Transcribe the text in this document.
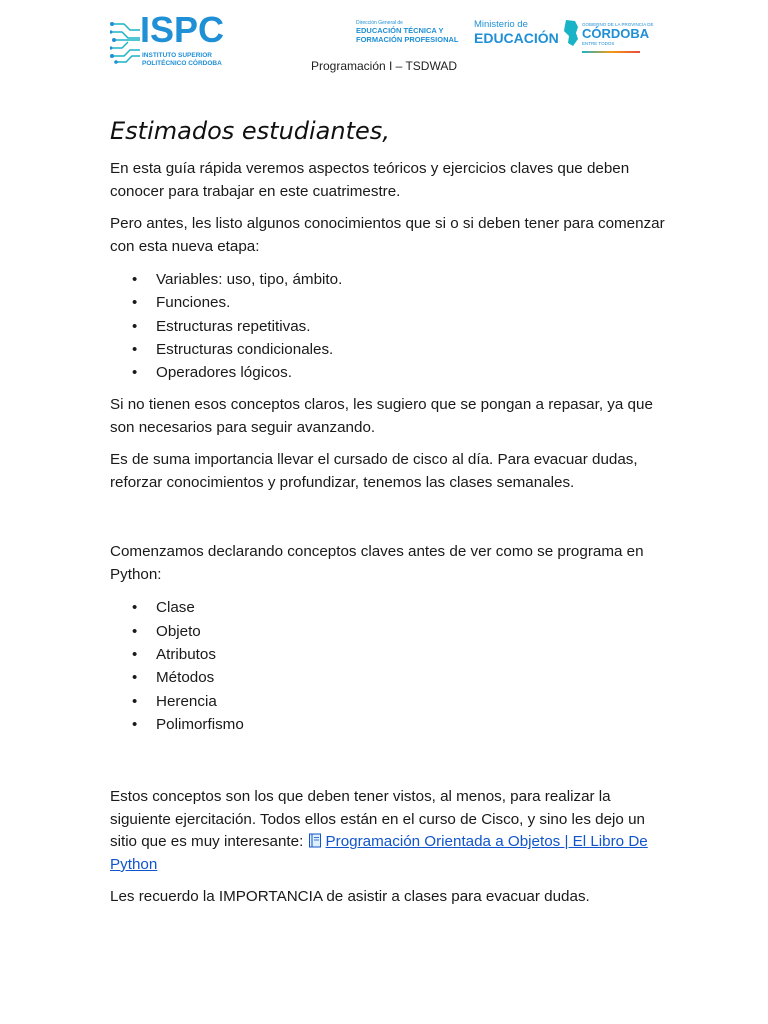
ISPC
INSTITUTO SUPERIOR
POLITÉCNICO CÓRDOBA
Dirección General de
EDUCACIÓN TÉCNICA Y
FORMACIÓN PROFESIONAL
Ministerio de
EDUCACIÓN
GOBIERNO DE LA PROVINCIA DE
CÓRDOBA
ENTRE TODOS
Programación I – TSDWAD
Estimados estudiantes,

En esta guía rápida veremos aspectos teóricos y ejercicios claves que deben conocer para trabajar en este cuatrimestre.

Pero antes, les listo algunos conocimientos que si o si deben tener para comenzar con esta nueva etapa:

• Variables: uso, tipo, ámbito.
• Funciones.
• Estructuras repetitivas.
• Estructuras condicionales.
• Operadores lógicos.

Si no tienen esos conceptos claros, les sugiero que se pongan a repasar, ya que son necesarios para seguir avanzando.

Es de suma importancia llevar el cursado de cisco al día. Para evacuar dudas, reforzar conocimientos y profundizar, tenemos las clases semanales.

Comenzamos declarando conceptos claves antes de ver como se programa en Python:

• Clase
• Objeto
• Atributos
• Métodos
• Herencia
• Polimorfismo

Estos conceptos son los que deben tener vistos, al menos, para realizar la siguiente ejercitación. Todos ellos están en el curso de Cisco, y sino les dejo un sitio que es muy interesante: Programación Orientada a Objetos | El Libro De Python

Les recuerdo la IMPORTANCIA de asistir a clases para evacuar dudas.
